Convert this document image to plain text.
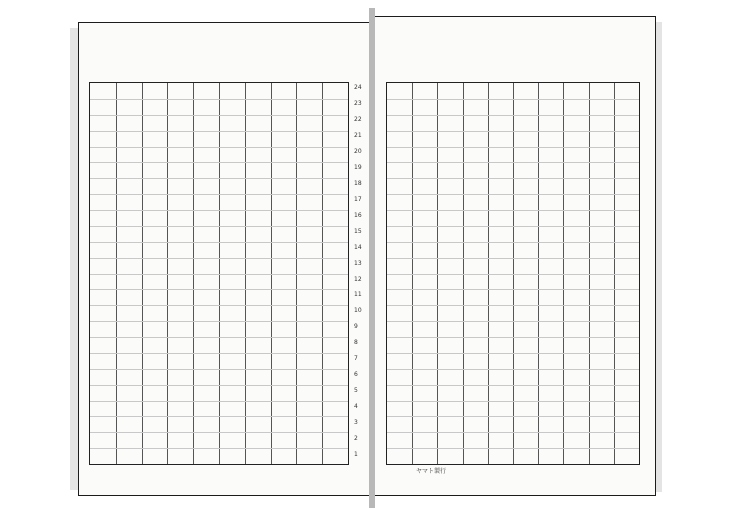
24
23
22
21
20
19
18
17
16
15
14
13
12
11
10
9
8
7
6
5
4
3
2
1
ヤマト製行
